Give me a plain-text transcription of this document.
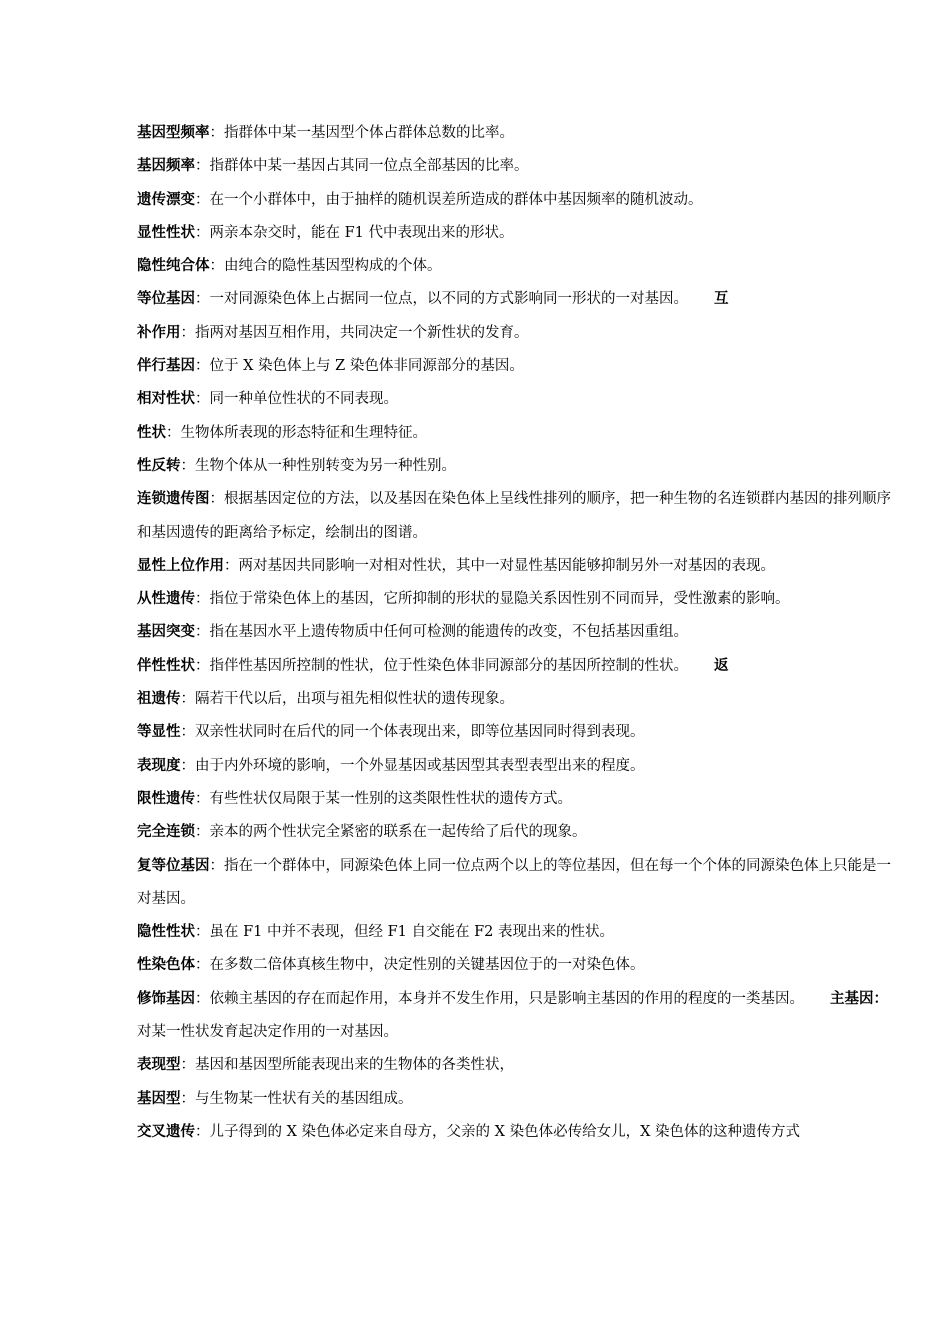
基因型频率：指群体中某一基因型个体占群体总数的比率。

基因频率：指群体中某一基因占其同一位点全部基因的比率。

遗传漂变：在一个小群体中，由于抽样的随机误差所造成的群体中基因频率的随机波动。

显性性状：两亲本杂交时，能在 F1 代中表现出来的形状。

隐性纯合体：由纯合的隐性基因型构成的个体。

等位基因：一对同源染色体上占据同一位点，以不同的方式影响同一形状的一对基因。 互

补作用：指两对基因互相作用，共同决定一个新性状的发育。

伴行基因：位于 X 染色体上与 Z 染色体非同源部分的基因。

相对性状：同一种单位性状的不同表现。

性状：生物体所表现的形态特征和生理特征。

性反转：生物个体从一种性别转变为另一种性别。

连锁遗传图：根据基因定位的方法，以及基因在染色体上呈线性排列的顺序，把一种生物的名连锁群内基因的排列顺序和基因遗传的距离给予标定，绘制出的图谱。

显性上位作用：两对基因共同影响一对相对性状，其中一对显性基因能够抑制另外一对基因的表现。

从性遗传：指位于常染色体上的基因，它所抑制的形状的显隐关系因性别不同而异，受性激素的影响。

基因突变：指在基因水平上遗传物质中任何可检测的能遗传的改变，不包括基因重组。

伴性性状：指伴性基因所控制的性状，位于性染色体非同源部分的基因所控制的性状。 返

祖遗传：隔若干代以后，出项与祖先相似性状的遗传现象。

等显性：双亲性状同时在后代的同一个体表现出来，即等位基因同时得到表现。

表现度：由于内外环境的影响，一个外显基因或基因型其表型表型出来的程度。

限性遗传：有些性状仅局限于某一性别的这类限性性状的遗传方式。

完全连锁：亲本的两个性状完全紧密的联系在一起传给了后代的现象。

复等位基因：指在一个群体中，同源染色体上同一位点两个以上的等位基因，但在每一个个体的同源染色体上只能是一对基因。

隐性性状：虽在 F1 中并不表现，但经 F1 自交能在 F2 表现出来的性状。

性染色体：在多数二倍体真核生物中，决定性别的关键基因位于的一对染色体。

修饰基因：依赖主基因的存在而起作用，本身并不发生作用，只是影响主基因的作用的程度的一类基因。 主基因：对某一性状发育起决定作用的一对基因。

表现型：基因和基因型所能表现出来的生物体的各类性状，

基因型：与生物某一性状有关的基因组成。

交叉遗传：儿子得到的 X 染色体必定来自母方，父亲的 X 染色体必传给女儿，X 染色体的这种遗传方式
